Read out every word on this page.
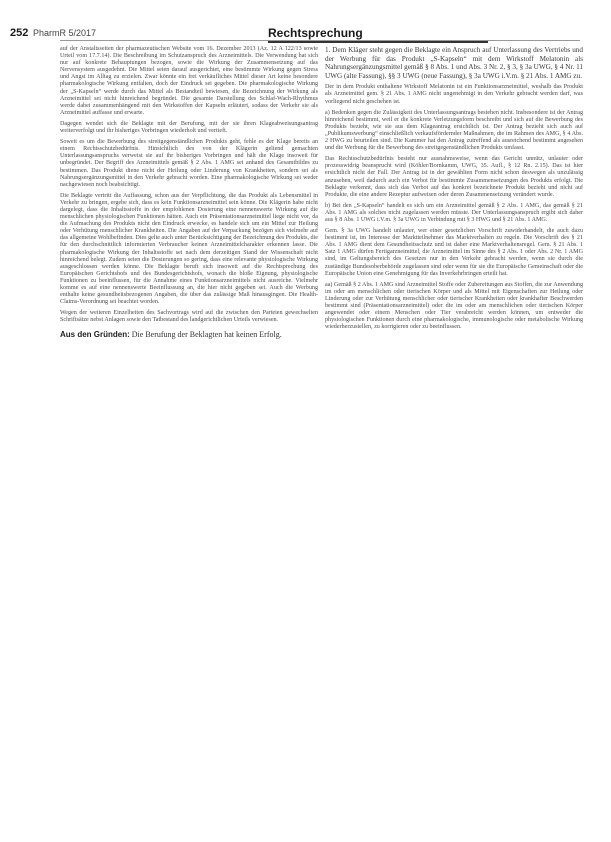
252 PharmR 5/2017	Rechtsprechung

auf der Anstaltsseiten der pharmazeutischen Website vom 16. Dezember 2013 (Az. 12 A 122/13 sowie Urteil vom 17.7.14). Die Beschreibung im Schutzanspruch des Arzneimittels. Die Verwendung hat sich nur auf konkrete Behauptungen bezogen, sowie die Wirkung der Zusammensetzung auf das Nervensystem ausgedehnt. Die Mittel seien darauf ausgerichtet, eine bestimmte Wirkung gegen Stress und Angst im Alltag zu erzielen. Zwar könnte ein frei verkäufliches Mittel dieser Art keine besondere pharmakologische Wirkung entfalten, doch der Eindruck sei gegeben. Die pharmakologische Wirkung der „S-Kapseln“ werde durch das Mittel als Bestandteil bewiesen, die Bezeichnung der Wirkung als Arzneimittel sei nicht hinreichend begründet. Die gesamte Darstellung des Schlaf-Wach-Rhythmus werde dabei zusammenhängend mit den Wirkstoffen der Kapseln erläutert, sodass der Verkehr sie als Arzneimittel auffasse und erwarte.

Dagegen wendet sich die Beklagte mit der Berufung, mit der sie ihren Klageabweisungsantrag weiterverfolgt und ihr bisheriges Vorbringen wiederholt und vertieft.

Soweit es um die Bewerbung des streitgegenständlichen Produkts geht, fehle es der Klage bereits an einem Rechtsschutzbedürfnis. Hinsichtlich des von der Klägerin geltend gemachten Unterlassungsanspruchs verweist sie auf ihr bisheriges Vorbringen und hält die Klage insoweit für unbegründet. Der Begriff des Arzneimittels gemäß § 2 Abs. 1 AMG sei anhand des Gesamtbildes zu bestimmen. Das Produkt diene nicht der Heilung oder Linderung von Krankheiten, sondern sei als Nahrungsergänzungsmittel in den Verkehr gebracht worden. Eine pharmakologische Wirkung sei weder nachgewiesen noch beabsichtigt.

Die Beklagte vertritt die Auffassung, schon aus der Verpflichtung, die das Produkt als Lebensmittel in Verkehr zu bringen, ergebe sich, dass es kein Funktionsarzneimittel sein könne. Die Klägerin habe nicht dargelegt, dass die Inhaltsstoffe in der empfohlenen Dosierung eine nennenswerte Wirkung auf die menschlichen physiologischen Funktionen hätten. Auch ein Präsentationsarzneimittel liege nicht vor, da die Aufmachung des Produkts nicht den Eindruck erwecke, es handele sich um ein Mittel zur Heilung oder Verhütung menschlicher Krankheiten. Die Angaben auf der Verpackung bezögen sich vielmehr auf das allgemeine Wohlbefinden. Dies gelte auch unter Berücksichtigung der Bezeichnung des Produkts, die für den durchschnittlich informierten Verbraucher keinen Arzneimittelcharakter erkennen lasse. Die pharmakologische Wirkung der Inhaltsstoffe sei nach dem derzeitigen Stand der Wissenschaft nicht hinreichend belegt. Zudem seien die Dosierungen so gering, dass eine relevante physiologische Wirkung ausgeschlossen werden könne. Die Beklagte beruft sich insoweit auf die Rechtsprechung des Europäischen Gerichtshofs und des Bundesgerichtshofs, wonach die bloße Eignung, physiologische Funktionen zu beeinflussen, für die Annahme eines Funktionsarzneimittels nicht ausreiche. Vielmehr komme es auf eine nennenswerte Beeinflussung an, die hier nicht gegeben sei. Auch die Werbung enthalte keine gesundheitsbezogenen Angaben, die über das zulässige Maß hinausgingen. Die Health-Claims-Verordnung sei beachtet worden.

Wegen der weiteren Einzelheiten des Sachvortrags wird auf die zwischen den Parteien gewechselten Schriftsätze nebst Anlagen sowie den Tatbestand des landgerichtlichen Urteils verwiesen.

Aus den Gründen: Die Berufung der Beklagten hat keinen Erfolg.

1. Dem Kläger steht gegen die Beklagte ein Anspruch auf Unterlassung des Vertriebs und der Werbung für das Produkt „S-Kapseln“ mit dem Wirkstoff Melatonin als Nahrungsergänzungsmittel gemäß § 8 Abs. 1 und Abs. 3 Nr. 2, § 3, § 3a UWG, § 4 Nr. 11 UWG (alte Fassung), §§ 3 UWG (neue Fassung), § 3a UWG i.V.m. § 21 Abs. 1 AMG zu.

Der in dem Produkt enthaltene Wirkstoff Melatonin ist ein Funktionsarzneimittel, weshalb das Produkt als Arzneimittel gem. § 21 Abs. 1 AMG nicht ungenehmigt in den Verkehr gebracht werden darf, was vorliegend nicht geschehen ist.

a) Bedenken gegen die Zulässigkeit des Unterlassungsantrags bestehen nicht. Insbesondere ist der Antrag hinreichend bestimmt, weil er die konkrete Verletzungsform beschreibt und sich auf die Bewerbung des Produkts bezieht, wie sie aus dem Klageantrag ersichtlich ist. Der Antrag bezieht sich auch auf „Publikumswerbung“ einschließlich verkaufsfördernder Maßnahmen, die im Rahmen des AMG, § 4 Abs. 2 HWG zu beurteilen sind. Die Kammer hat den Antrag zutreffend als ausreichend bestimmt angesehen und die Werbung für die Bewerbung des streitgegenständlichen Produkts umfasst.

Das Rechtsschutzbedürfnis besteht nur ausnahmsweise, wenn das Gericht unnütz, unlauter oder prozesswidrig beansprucht wird (Köhler/Bornkamm, UWG, 35. Aufl., § 12 Rn. 2.15). Das ist hier ersichtlich nicht der Fall. Der Antrag ist in der gewählten Form nicht schon deswegen als unzulässig anzusehen, weil dadurch auch ein Verbot für bestimmte Zusammensetzungen des Produkts erfolgt. Die Beklagte verkennt, dass sich das Verbot auf das konkret bezeichnete Produkt bezieht und nicht auf Produkte, die eine andere Rezeptur aufweisen oder deren Zusammensetzung verändert wurde.

b) Bei den „S-Kapseln“ handelt es sich um ein Arzneimittel gemäß § 2 Abs. 1 AMG, das gemäß § 21 Abs. 1 AMG als solches nicht zugelassen werden müsste. Der Unterlassungsanspruch ergibt sich daher aus § 8 Abs. 1 UWG i.V.m. § 3a UWG in Verbindung mit § 3 HWG und § 21 Abs. 1 AMG.

Gem. § 3a UWG handelt unlauter, wer einer gesetzlichen Vorschrift zuwiderhandelt, die auch dazu bestimmt ist, im Interesse der Marktteilnehmer das Marktverhalten zu regeln. Die Vorschrift des § 21 Abs. 1 AMG dient dem Gesundheitsschutz und ist daher eine Marktverhaltensregel. Gem. § 21 Abs. 1 Satz 1 AMG dürfen Fertigarzneimittel, die Arzneimittel im Sinne des § 2 Abs. 1 oder Abs. 2 Nr. 1 AMG sind, im Geltungsbereich des Gesetzes nur in den Verkehr gebracht werden, wenn sie durch die zuständige Bundesoberbehörde zugelassen sind oder wenn für sie die Europäische Gemeinschaft oder die Europäische Union eine Genehmigung für das Inverkehrbringen erteilt hat.

aa) Gemäß § 2 Abs. 1 AMG sind Arzneimittel Stoffe oder Zubereitungen aus Stoffen, die zur Anwendung im oder am menschlichen oder tierischen Körper und als Mittel mit Eigenschaften zur Heilung oder Linderung oder zur Verhütung menschlicher oder tierischer Krankheiten oder krankhafter Beschwerden bestimmt sind (Präsentationsarzneimittel) oder die im oder am menschlichen oder tierischen Körper angewendet oder einem Menschen oder Tier verabreicht werden können, um entweder die physiologischen Funktionen durch eine pharmakologische, immunologische oder metabolische Wirkung wiederherzustellen, zu korrigieren oder zu beeinflussen.
